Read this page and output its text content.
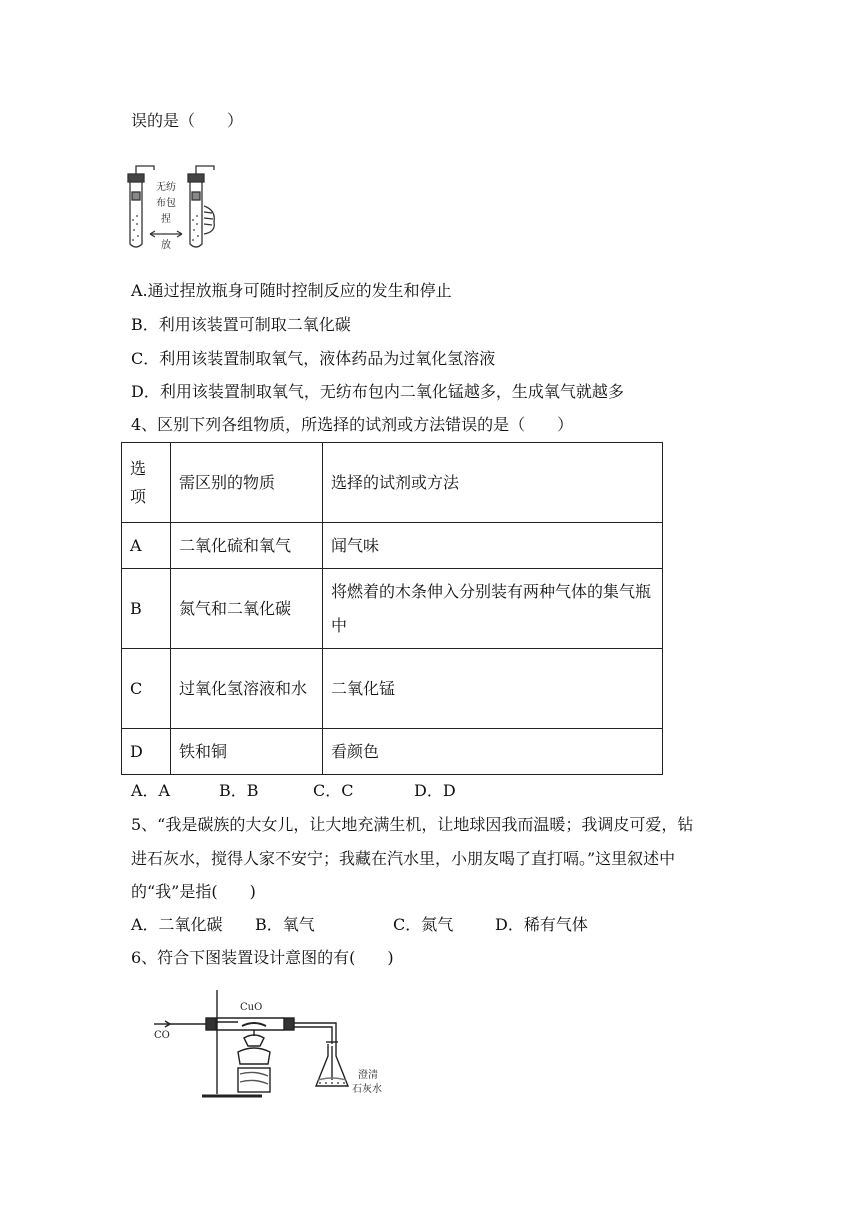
误的是（　　）
无纺
布包
捏
放
A.通过捏放瓶身可随时控制反应的发生和停止
B．利用该装置可制取二氧化碳
C．利用该装置制取氧气，液体药品为过氧化氢溶液
D．利用该装置制取氧气，无纺布包内二氧化锰越多，生成氧气就越多
4、区别下列各组物质，所选择的试剂或方法错误的是（　　）
选项	需区别的物质	选择的试剂或方法
A	二氧化硫和氧气	闻气味
B	氮气和二氧化碳	将燃着的木条伸入分别装有两种气体的集气瓶中

C	过氧化氢溶液和水	二氧化锰
D	铁和铜	看颜色
A．A	B．B	C．C	D．D
5、“我是碳族的大女儿，让大地充满生机，让地球因我而温暖；我调皮可爱，钻
进石灰水，搅得人家不安宁；我藏在汽水里，小朋友喝了直打嗝。”这里叙述中
的“我”是指(　　)
A．二氧化碳 B．氧气	C．氮气	D．稀有气体
6、符合下图装置设计意图的有(　　)
CuO
CO
澄清
石灰水
